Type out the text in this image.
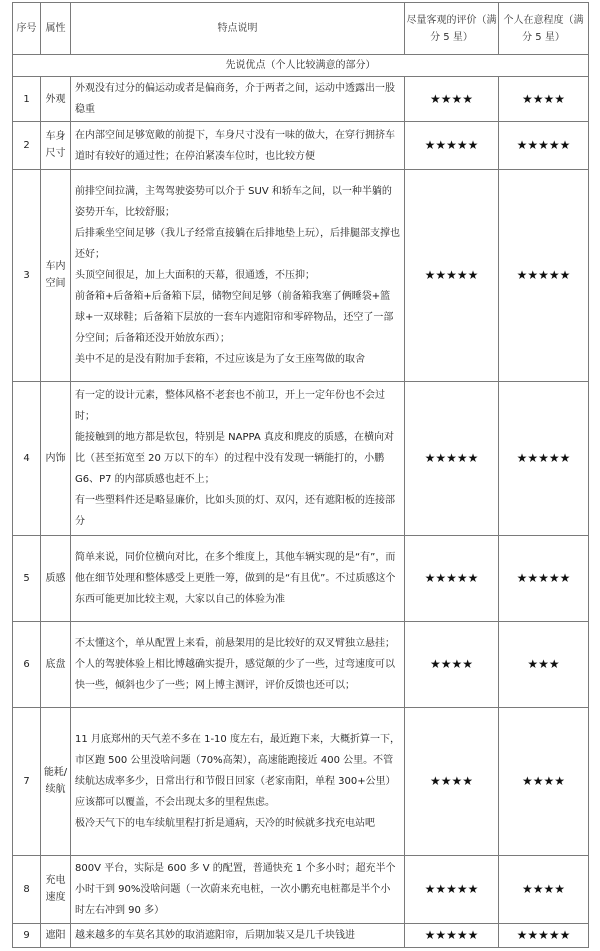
序号	属性	特点说明	尽量客观的评价（满分 5 星）	个人在意程度（满分 5 星）
先说优点（个人比较满意的部分）				
1	外观	外观没有过分的偏运动或者是偏商务，介于两者之间，运动中透露出一股稳重	★★★★	★★★★
2	车身尺寸	在内部空间足够宽敞的前提下，车身尺寸没有一味的做大，在穿行拥挤车道时有较好的通过性；在停泊紧凑车位时，也比较方便	★★★★★	★★★★★
3	车内空间	前排空间拉满，主驾驾驶姿势可以介于 SUV 和轿车之间，以一种半躺的姿势开车，比较舒服；
后排乘坐空间足够（我儿子经常直接躺在后排地垫上玩），后排腿部支撑也还好；
头顶空间很足，加上大面积的天幕，很通透，不压抑；
前备箱+后备箱+后备箱下层，储物空间足够（前备箱我塞了俩睡袋+篮球+一双球鞋；后备箱下层放的一套车内遮阳帘和零碎物品，还空了一部分空间；后备箱还没开始放东西）；
美中不足的是没有附加手套箱，不过应该是为了女王座驾做的取舍	★★★★★	★★★★★
4	内饰	有一定的设计元素，整体风格不老套也不前卫，开上一定年份也不会过时；
能接触到的地方都是软包，特别是 NAPPA 真皮和麂皮的质感，在横向对比（甚至拓宽至 20 万以下的车）的过程中没有发现一辆能打的，小鹏 G6、P7 的内部质感也赶不上；
有一些塑料件还是略显廉价，比如头顶的灯、双闪，还有遮阳板的连接部分	★★★★★	★★★★★
5	质感	简单来说，同价位横向对比，在多个维度上，其他车辆实现的是“有”，而他在细节处理和整体感受上更胜一筹，做到的是“有且优”。不过质感这个东西可能更加比较主观，大家以自己的体验为准	★★★★★	★★★★★
6	底盘	不太懂这个，单从配置上来看，前悬架用的是比较好的双叉臂独立悬挂；个人的驾驶体验上相比博越确实提升，感觉颠的少了一些，过弯速度可以快一些，倾斜也少了一些；网上博主测评，评价反馈也还可以；	★★★★	★★★
7	能耗/续航	11 月底郑州的天气差不多在 1-10 度左右，最近跑下来，大概折算一下，市区跑 500 公里没啥问题（70%高架），高速能跑接近 400 公里。不管续航达成率多少，日常出行和节假日回家（老家南阳，单程 300+公里）应该都可以覆盖，不会出现太多的里程焦虑。
极冷天气下的电车续航里程打折是通病，天冷的时候就多找充电站吧	★★★★	★★★★
8	充电速度	800V 平台，实际是 600 多 V 的配置，普通快充 1 个多小时；超充半个小时干到 90%没啥问题（一次蔚来充电桩，一次小鹏充电桩都是半个小时左右冲到 90 多）	★★★★★	★★★★
9	遮阳	越来越多的车莫名其妙的取消遮阳帘，后期加装又是几千块钱进	★★★★★	★★★★★
